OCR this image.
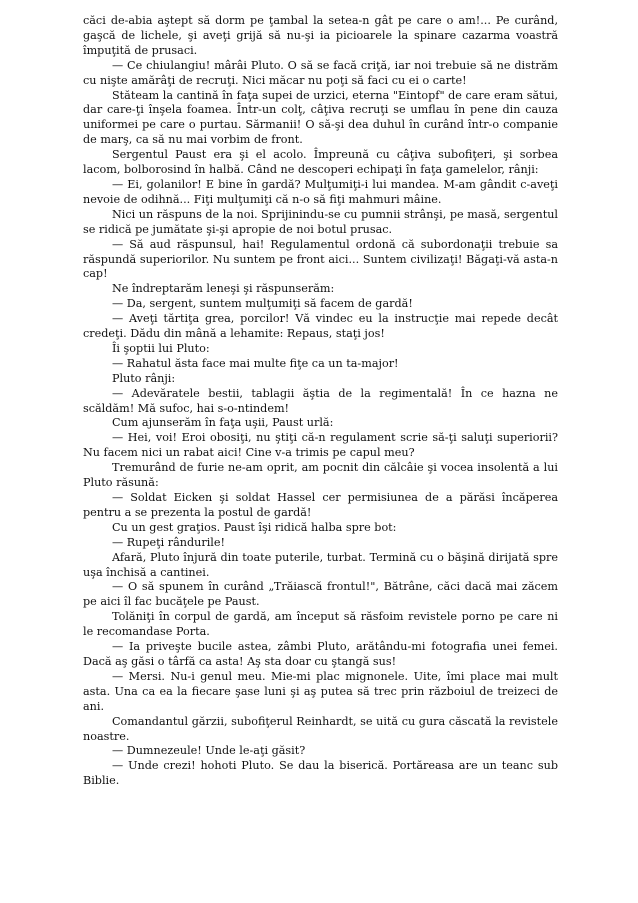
căci de-abia aştept să dorm pe ţambal la setea-n gât pe care o am!... Pe curând, gaşcă de lichele, şi aveţi grijă să nu-şi ia picioarele la spinare cazarma voastră împuţită de prusaci.

— Ce chiulangiu! mârâi Pluto. O să se facă criţă, iar noi trebuie să ne distrăm cu nişte amărâţi de recruţi. Nici măcar nu poţi să faci cu ei o carte!

Stăteam la cantină în faţa supei de urzici, eterna "Eintopf" de care eram sătui, dar care-ţi înşela foamea. Într-un colţ, câţiva recruţi se umflau în pene din cauza uniformei pe care o purtau. Sărmanii! O să-şi dea duhul în curând într-o companie de marş, ca să nu mai vorbim de front.

Sergentul Paust era şi el acolo. Împreună cu câţiva subofiţeri, şi sorbea lacom, bolborosind în halbă. Când ne descoperi echipaţi în faţa gamelelor, rânji:

— Ei, golanilor! E bine în gardă? Mulţumiţi-i lui mandea. M-am gândit c-aveţi nevoie de odihnă... Fiţi mulţumiţi că n-o să fiţi mahmuri mâine.

Nici un răspuns de la noi. Sprijinindu-se cu pumnii strânşi, pe masă, sergentul se ridică pe jumătate şi-şi apropie de noi botul prusac.

— Să aud răspunsul, hai! Regulamentul ordonă că subordonaţii trebuie sa răspundă superiorilor. Nu suntem pe front aici... Suntem civilizaţi! Băgaţi-vă asta-n cap!

Ne îndreptarăm leneşi şi răspunserăm:

— Da, sergent, suntem mulţumiţi să facem de gardă!

— Aveţi tărtiţa grea, porcilor! Vă vindec eu la instrucţie mai repede decât credeţi. Dădu din mână a lehamite: Repaus, staţi jos!

Îi şoptii lui Pluto:

— Rahatul ăsta face mai multe fiţe ca un ta-major!

Pluto rânji:

— Adevăratele bestii, tablagii ăştia de la regimentală! În ce hazna ne scăldăm! Mă sufoc, hai s-o-ntindem!

Cum ajunserăm în faţa uşii, Paust urlă:

— Hei, voi! Eroi obosiţi, nu ştiţi că-n regulament scrie să-ţi saluţi superiorii? Nu facem nici un rabat aici! Cine v-a trimis pe capul meu?

Tremurând de furie ne-am oprit, am pocnit din călcâie şi vocea insolentă a lui Pluto răsună:

— Soldat Eicken şi soldat Hassel cer permisiunea de a părăsi încăperea pentru a se prezenta la postul de gardă!

Cu un gest graţios. Paust îşi ridică halba spre bot:

— Rupeţi rândurile!

Afară, Pluto înjură din toate puterile, turbat. Termină cu o băşină dirijată spre uşa închisă a cantinei.

— O să spunem în curând „Trăiască frontul!", Bătrâne, căci dacă mai zăcem pe aici îl fac bucăţele pe Paust.

Tolăniţi în corpul de gardă, am început să răsfoim revistele porno pe care ni le recomandase Porta.

— Ia priveşte bucile astea, zâmbi Pluto, arătându-mi fotografia unei femei. Dacă aş găsi o târfă ca asta! Aş sta doar cu ştangă sus!

— Mersi. Nu-i genul meu. Mie-mi plac mignonele. Uite, îmi place mai mult asta. Una ca ea la fiecare şase luni şi aş putea să trec prin războiul de treizeci de ani.

Comandantul gărzii, subofiţerul Reinhardt, se uită cu gura căscată la revistele noastre.

— Dumnezeule! Unde le-aţi găsit?

— Unde crezi! hohoti Pluto. Se dau la biserică. Portăreasa are un teanc sub Biblie.
